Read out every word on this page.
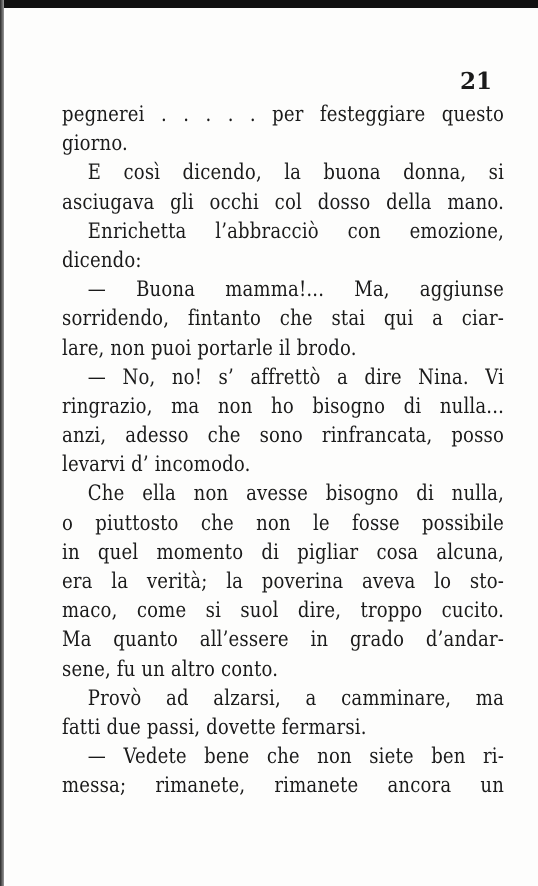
21

pegnerei . . . . . per festeggiare questo
giorno.
E così dicendo, la buona donna, si
asciugava gli occhi col dosso della mano.
Enrichetta l’abbracciò con emozione,
dicendo:
— Buona mamma!... Ma, aggiunse
sorridendo, fintanto che stai qui a ciar-
lare, non puoi portarle il brodo.
— No, no! s’ affrettò a dire Nina. Vi
ringrazio, ma non ho bisogno di nulla...
anzi, adesso che sono rinfrancata, posso
levarvi d’ incomodo.
Che ella non avesse bisogno di nulla,
o piuttosto che non le fosse possibile
in quel momento di pigliar cosa alcuna,
era la verità; la poverina aveva lo sto-
maco, come si suol dire, troppo cucito.
Ma quanto all’essere in grado d’andar-
sene, fu un altro conto.
Provò ad alzarsi, a camminare, ma
fatti due passi, dovette fermarsi.
— Vedete bene che non siete ben ri-
messa; rimanete, rimanete ancora un
